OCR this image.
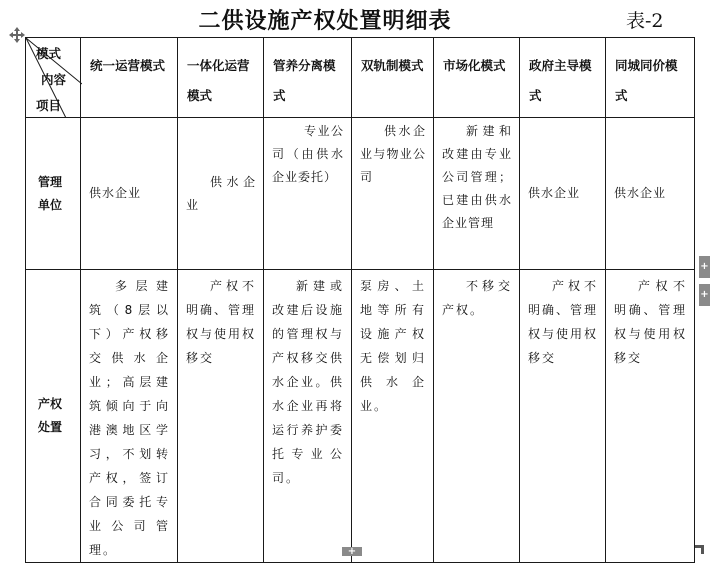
二供设施产权处置明细表	表-2
模式
内容
项目	统一运营模式	一体化运营模式	管养分离模式	双轨制模式	市场化模式	政府主导模式	同城同价模式

管理
单位	供水企业	供水企业	专业公司（由供水企业委托）	供水企业与物业公司	新建和改建由专业公司管理；已建由供水企业管理	供水企业	供水企业

产权
处置	多层建筑（8层以下）产权移交供水企业；高层建筑倾向于向港澳地区学习，不划转产权，签订合同委托专业公司管理。	产权不明确、管理权与使用权移交	新建或改建后设施的管理权与产权移交供水企业。供水企业再将运行养护委托专业公司。	泵房、土地等所有设施产权无偿划归供水企业。	不移交产权。	产权不明确、管理权与使用权移交	产权不明确、管理权与使用权移交
+
+
+
